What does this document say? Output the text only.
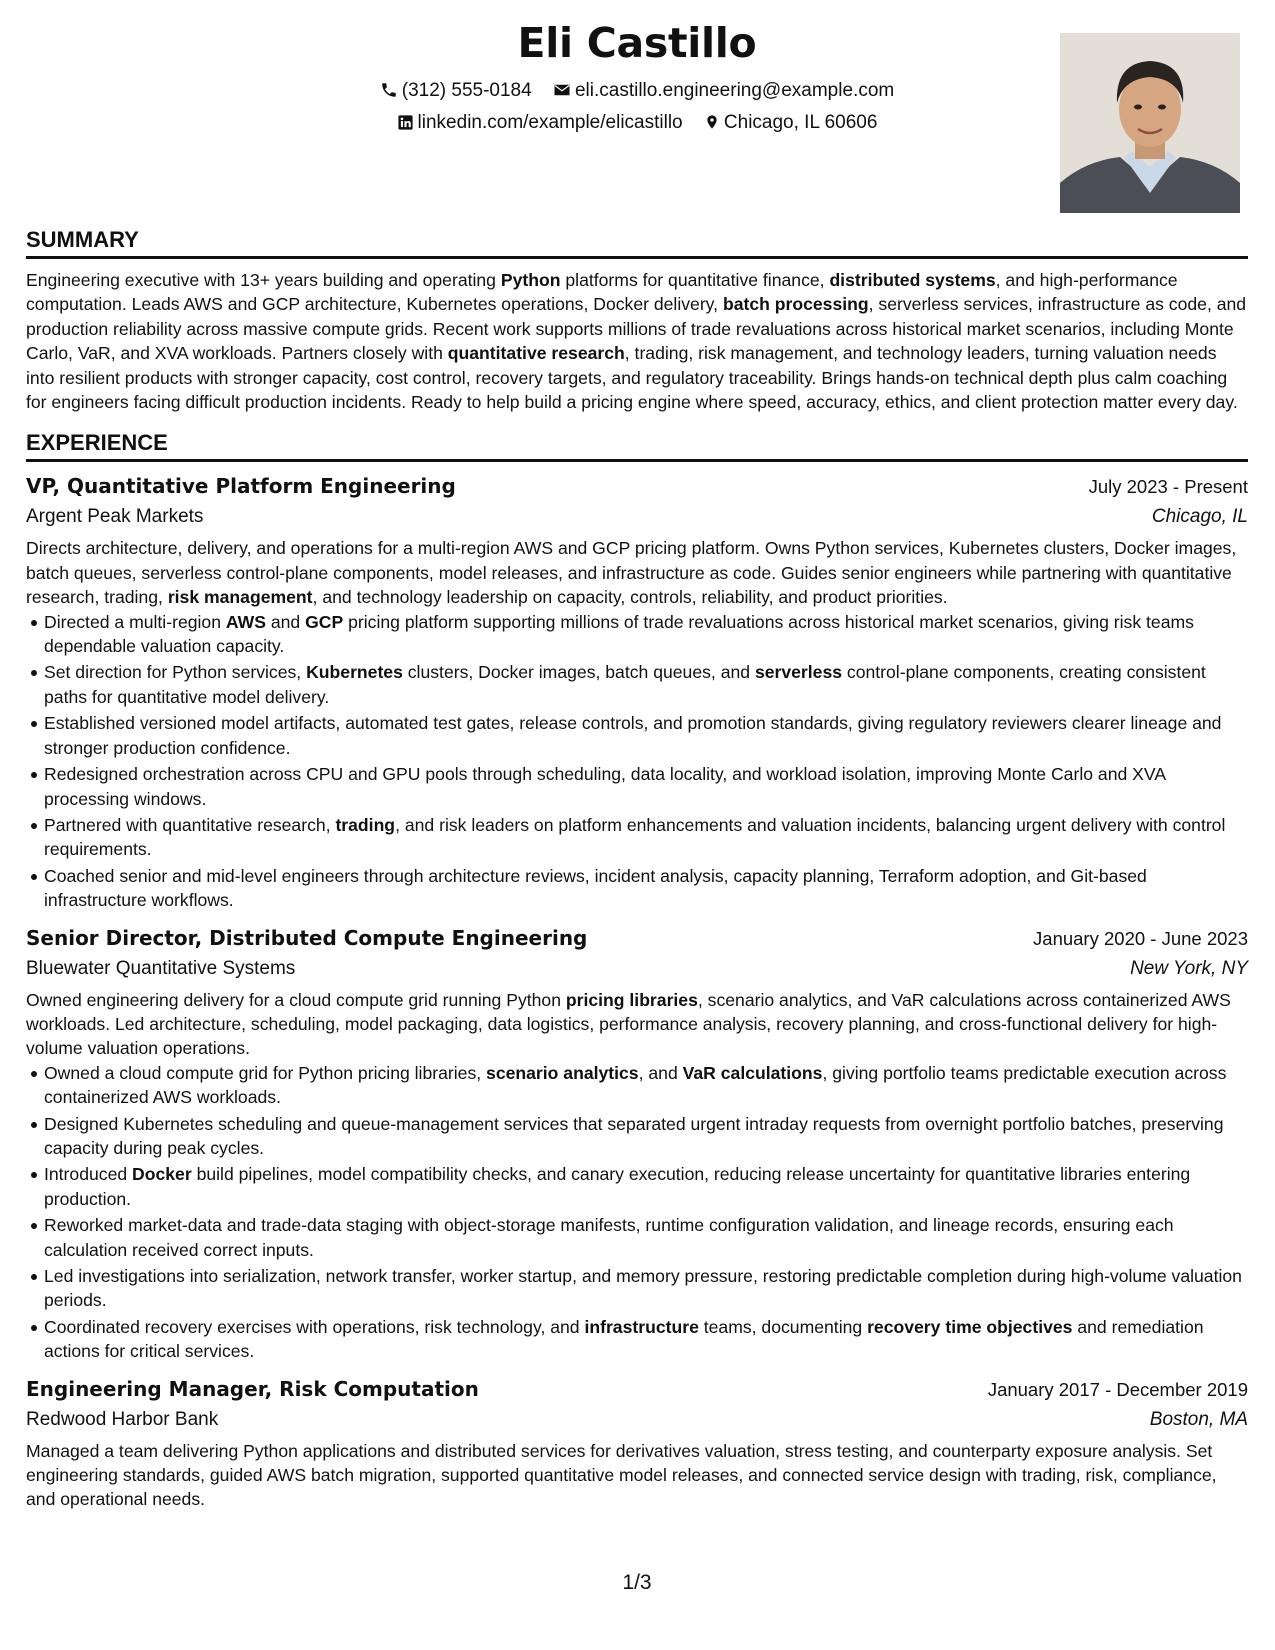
Eli Castillo
(312) 555-0184 eli.castillo.engineering@example.com
linkedin.com/example/elicastillo Chicago, IL 60606
SUMMARY

Engineering executive with 13+ years building and operating Python platforms for quantitative finance, distributed systems, and high-performance computation. Leads AWS and GCP architecture, Kubernetes operations, Docker delivery, batch processing, serverless services, infrastructure as code, and production reliability across massive compute grids. Recent work supports millions of trade revaluations across historical market scenarios, including Monte Carlo, VaR, and XVA workloads. Partners closely with quantitative research, trading, risk management, and technology leaders, turning valuation needs into resilient products with stronger capacity, cost control, recovery targets, and regulatory traceability. Brings hands-on technical depth plus calm coaching for engineers facing difficult production incidents. Ready to help build a pricing engine where speed, accuracy, ethics, and client protection matter every day.

EXPERIENCE
VP, Quantitative Platform Engineering	July 2023 - Present
Argent Peak Markets	Chicago, IL

Directs architecture, delivery, and operations for a multi-region AWS and GCP pricing platform. Owns Python services, Kubernetes clusters, Docker images, batch queues, serverless control-plane components, model releases, and infrastructure as code. Guides senior engineers while partnering with quantitative research, trading, risk management, and technology leadership on capacity, controls, reliability, and product priorities.

Directed a multi-region AWS and GCP pricing platform supporting millions of trade revaluations across historical market scenarios, giving risk teams dependable valuation capacity.
Set direction for Python services, Kubernetes clusters, Docker images, batch queues, and serverless control-plane components, creating consistent paths for quantitative model delivery.
Established versioned model artifacts, automated test gates, release controls, and promotion standards, giving regulatory reviewers clearer lineage and stronger production confidence.
Redesigned orchestration across CPU and GPU pools through scheduling, data locality, and workload isolation, improving Monte Carlo and XVA processing windows.
Partnered with quantitative research, trading, and risk leaders on platform enhancements and valuation incidents, balancing urgent delivery with control requirements.
Coached senior and mid-level engineers through architecture reviews, incident analysis, capacity planning, Terraform adoption, and Git-based infrastructure workflows.
Senior Director, Distributed Compute Engineering	January 2020 - June 2023
Bluewater Quantitative Systems	New York, NY

Owned engineering delivery for a cloud compute grid running Python pricing libraries, scenario analytics, and VaR calculations across containerized AWS workloads. Led architecture, scheduling, model packaging, data logistics, performance analysis, recovery planning, and cross-functional delivery for high-volume valuation operations.

Owned a cloud compute grid for Python pricing libraries, scenario analytics, and VaR calculations, giving portfolio teams predictable execution across containerized AWS workloads.
Designed Kubernetes scheduling and queue-management services that separated urgent intraday requests from overnight portfolio batches, preserving capacity during peak cycles.
Introduced Docker build pipelines, model compatibility checks, and canary execution, reducing release uncertainty for quantitative libraries entering production.
Reworked market-data and trade-data staging with object-storage manifests, runtime configuration validation, and lineage records, ensuring each calculation received correct inputs.
Led investigations into serialization, network transfer, worker startup, and memory pressure, restoring predictable completion during high-volume valuation periods.
Coordinated recovery exercises with operations, risk technology, and infrastructure teams, documenting recovery time objectives and remediation actions for critical services.
Engineering Manager, Risk Computation	January 2017 - December 2019
Redwood Harbor Bank	Boston, MA

Managed a team delivering Python applications and distributed services for derivatives valuation, stress testing, and counterparty exposure analysis. Set engineering standards, guided AWS batch migration, supported quantitative model releases, and connected service design with trading, risk, compliance, and operational needs.

1/3
